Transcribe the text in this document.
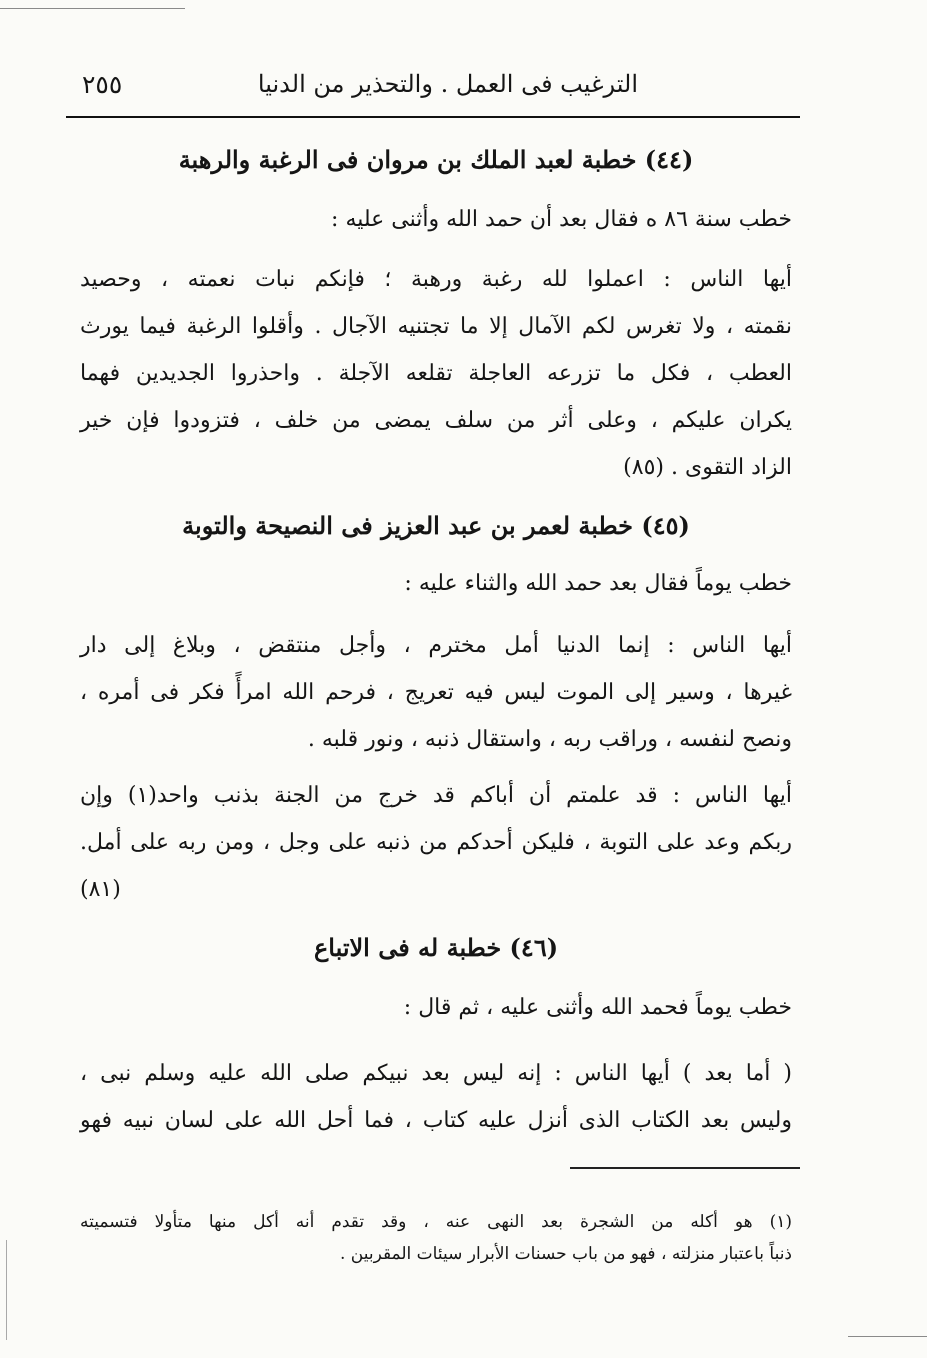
٢٥٥	الترغيب فى العمل . والتحذير من الدنيا
(٤٤) خطبة لعبد الملك بن مروان فى الرغبة والرهبة
خطب سنة ٨٦ ه فقال بعد أن حمد الله وأثنى عليه :
أيها الناس : اعملوا لله رغبة ورهبة ؛ فإنكم نبات نعمته ، وحصيد
نقمته ، ولا تغرس لكم الآمال إلا ما تجتنيه الآجال . وأقلوا الرغبة فيما يورث
العطب ، فكل ما تزرعه العاجلة تقلعه الآجلة . واحذروا الجديدين فهما
يكران عليكم ، وعلى أثر من سلف يمضى من خلف ، فتزودوا فإن خير
الزاد التقوى . (٨٥)
(٤٥) خطبة لعمر بن عبد العزيز فى النصيحة والتوبة
خطب يوماً فقال بعد حمد الله والثناء عليه :
أيها الناس : إنما الدنيا أمل مخترم ، وأجل منتقض ، وبلاغ إلى دار
غيرها ، وسير إلى الموت ليس فيه تعريج ، فرحم الله امرأً فكر فى أمره ،
ونصح لنفسه ، وراقب ربه ، واستقال ذنبه ، ونور قلبه .
أيها الناس : قد علمتم أن أباكم قد خرج من الجنة بذنب واحد(١) وإن
ربكم وعد على التوبة ، فليكن أحدكم من ذنبه على وجل ، ومن ربه على أمل.
(٨١)
(٤٦) خطبة له فى الاتباع
خطب يوماً فحمد الله وأثنى عليه ، ثم قال :
( أما بعد ) أيها الناس : إنه ليس بعد نبيكم صلى الله عليه وسلم نبى ،
وليس بعد الكتاب الذى أنزل عليه كتاب ، فما أحل الله على لسان نبيه فهو
(١) هو أكله من الشجرة بعد النهى عنه ، وقد تقدم أنه أكل منها متأولا فتسميته
ذنباً باعتبار منزلته ، فهو من باب حسنات الأبرار سيئات المقربين .
